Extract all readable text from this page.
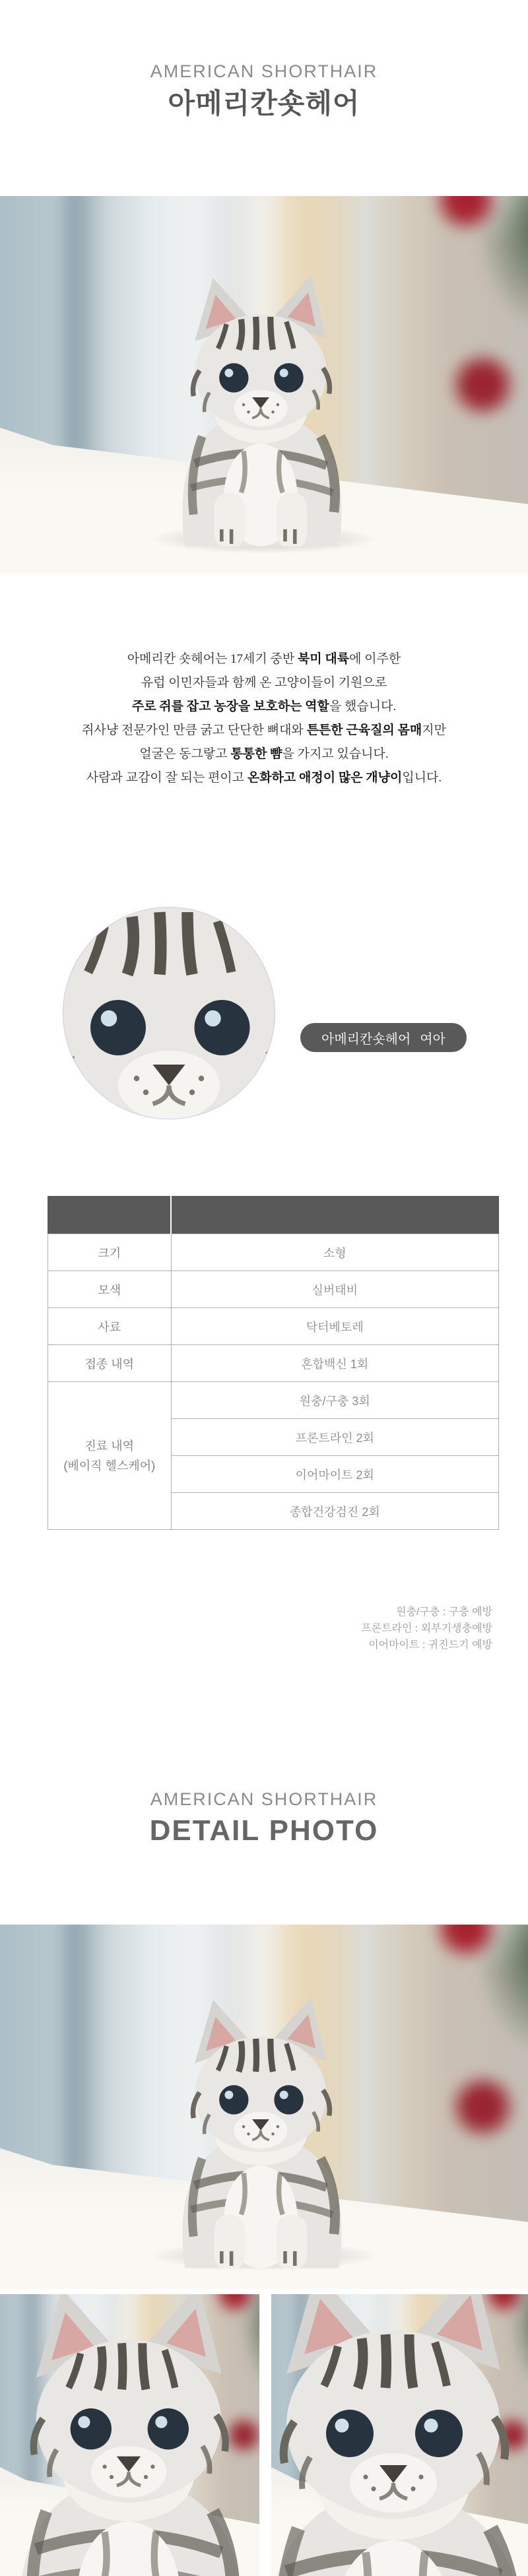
AMERICAN SHORTHAIR
아메리칸숏헤어
아메리칸 숏헤어는 17세기 중반 북미 대륙에 이주한
유럽 이민자들과 함께 온 고양이들이 기원으로
주로 쥐를 잡고 농장을 보호하는 역할을 했습니다.
쥐사냥 전문가인 만큼 굵고 단단한 뼈대와 튼튼한 근육질의 몸매지만
얼굴은 동그랗고 통통한 뺨을 가지고 있습니다.
사람과 교감이 잘 되는 편이고 온화하고 애정이 많은 개냥이입니다.
아메리칸숏헤어 여아

크기	소형
모색	실버태비
사료	닥터베토레
접종 내역	혼합백신 1회

진료 내역
(베이직 헬스케어)	원충/구충 3회
	프론트라인 2회
	이어마이트 2회
	종합건강검진 2회
원충/구충 : 구충 예방
프론트라인 : 외부기생충예방
이어마이트 : 귀진드기 예방
AMERICAN SHORTHAIR
DETAIL PHOTO
